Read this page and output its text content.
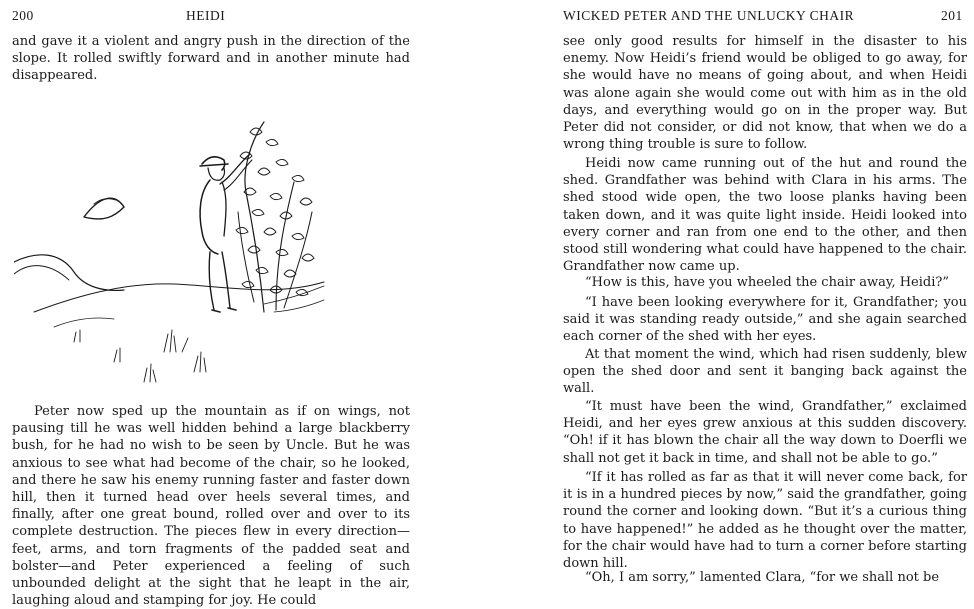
200	HEIDI

and gave it a violent and angry push in the direction of the slope. It rolled swiftly forward and in another minute had disappeared.

Peter now sped up the mountain as if on wings, not pausing till he was well hidden behind a large blackberry bush, for he had no wish to be seen by Uncle. But he was anxious to see what had become of the chair, so he looked, and there he saw his enemy running faster and faster down hill, then it turned head over heels several times, and finally, after one great bound, rolled over and over to its complete destruction. The pieces flew in every direction—feet, arms, and torn fragments of the padded seat and bolster—and Peter experienced a feeling of such unbounded delight at the sight that he leapt in the air, laughing aloud and stamping for joy. He could

WICKED PETER AND THE UNLUCKY CHAIR	201

see only good results for himself in the disaster to his enemy. Now Heidi’s friend would be obliged to go away, for she would have no means of going about, and when Heidi was alone again she would come out with him as in the old days, and everything would go on in the proper way. But Peter did not consider, or did not know, that when we do a wrong thing trouble is sure to follow.

Heidi now came running out of the hut and round the shed. Grandfather was behind with Clara in his arms. The shed stood wide open, the two loose planks having been taken down, and it was quite light inside. Heidi looked into every corner and ran from one end to the other, and then stood still wondering what could have happened to the chair. Grandfather now came up.

“How is this, have you wheeled the chair away, Heidi?”

“I have been looking everywhere for it, Grandfather; you said it was standing ready outside,” and she again searched each corner of the shed with her eyes.

At that moment the wind, which had risen suddenly, blew open the shed door and sent it banging back against the wall.

“It must have been the wind, Grandfather,” exclaimed Heidi, and her eyes grew anxious at this sudden discovery. “Oh! if it has blown the chair all the way down to Doerfli we shall not get it back in time, and shall not be able to go.”

“If it has rolled as far as that it will never come back, for it is in a hundred pieces by now,” said the grandfather, going round the corner and looking down. “But it’s a curious thing to have happened!” he added as he thought over the matter, for the chair would have had to turn a corner before starting down hill.

“Oh, I am sorry,” lamented Clara, “for we shall not be
